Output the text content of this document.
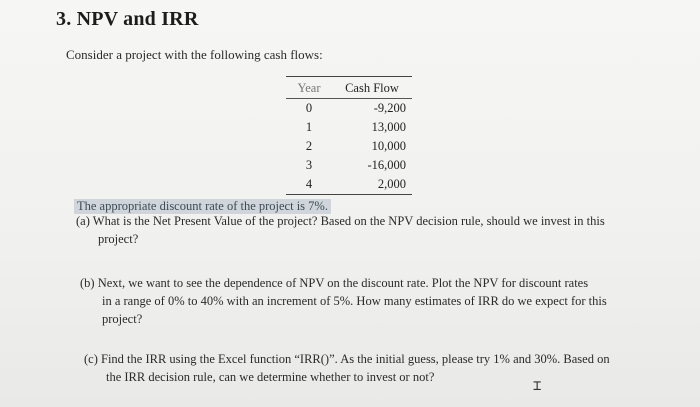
3. NPV and IRR
Consider a project with the following cash flows:
Year	Cash Flow
0	-9,200
1	13,000
2	10,000
3	-16,000
4	2,000
The appropriate discount rate of the project is 7%.
(a) What is the Net Present Value of the project? Based on the NPV decision rule, should we invest in this
project?
(b) Next, we want to see the dependence of NPV on the discount rate. Plot the NPV for discount rates
in a range of 0% to 40% with an increment of 5%. How many estimates of IRR do we expect for this
project?
(c) Find the IRR using the Excel function “IRR()”. As the initial guess, please try 1% and 30%. Based on
the IRR decision rule, can we determine whether to invest or not?
⌶
